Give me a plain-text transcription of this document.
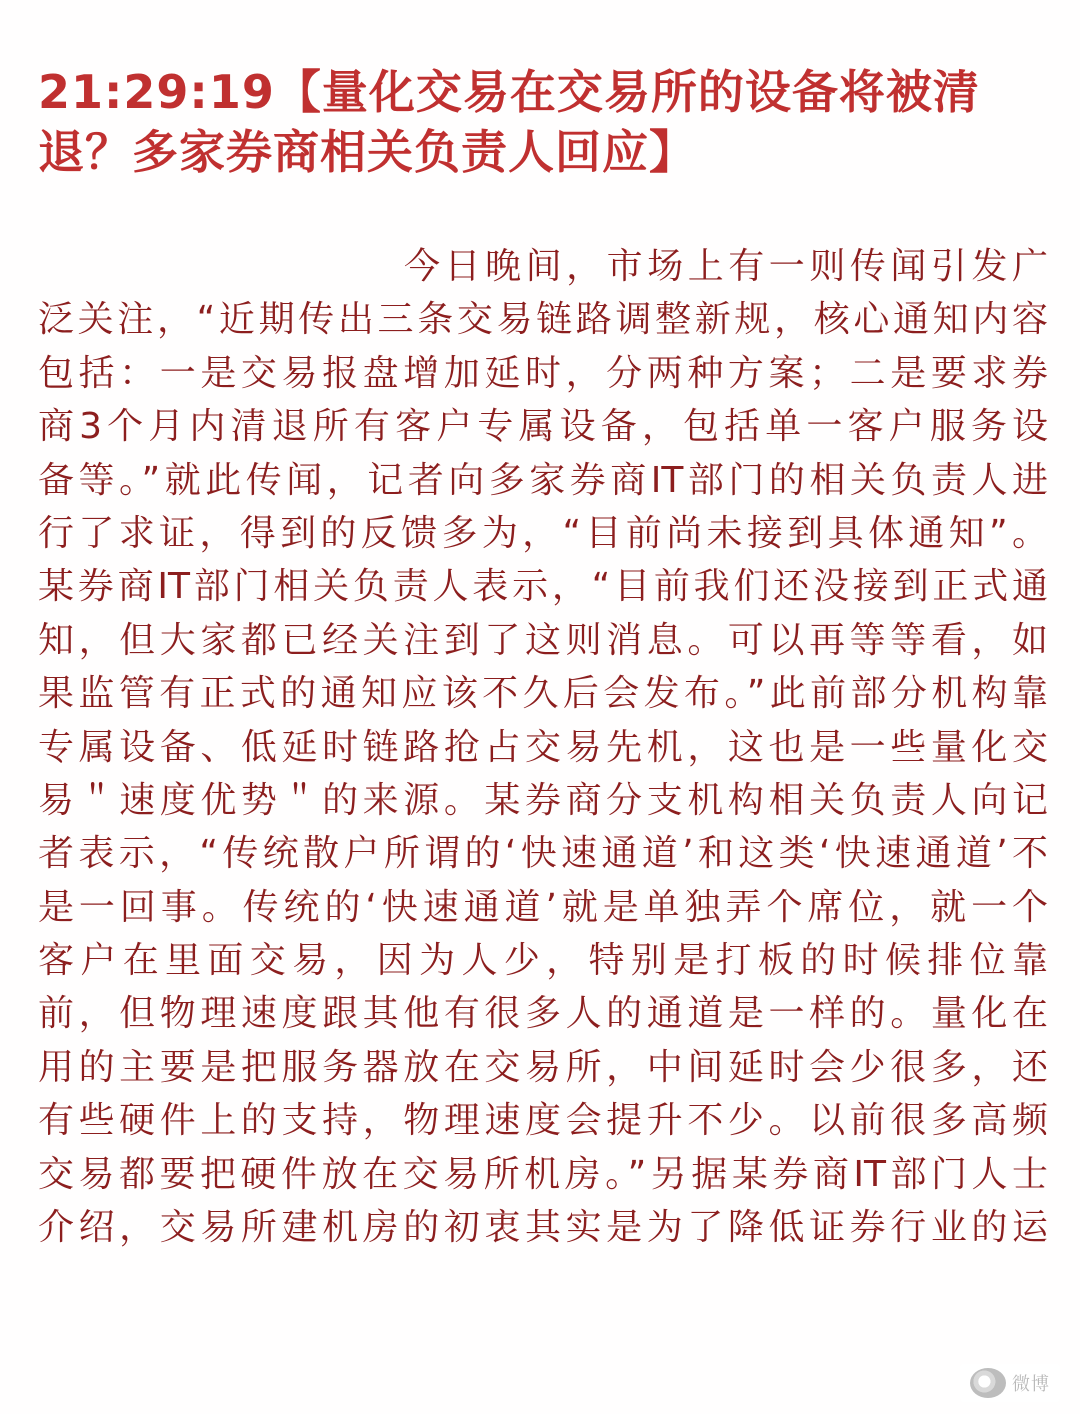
21:29:19【量化交易在交易所的设备将被清
退？多家券商相关负责人回应】
今日晚间，市场上有一则传闻引发广
泛关注，“近期传出三条交易链路调整新规，核心通知内容
包括：一是交易报盘增加延时，分两种方案；二是要求券
商3个月内清退所有客户专属设备，包括单一客户服务设
备等。”就此传闻，记者向多家券商IT部门的相关负责人进
行了求证，得到的反馈多为，“目前尚未接到具体通知”。
某券商IT部门相关负责人表示，“目前我们还没接到正式通
知，但大家都已经关注到了这则消息。可以再等等看，如
果监管有正式的通知应该不久后会发布。”此前部分机构靠
专属设备、低延时链路抢占交易先机，这也是一些量化交
易＂速度优势＂的来源。某券商分支机构相关负责人向记
者表示，“传统散户所谓的‘快速通道’和这类‘快速通道’不
是一回事。传统的‘快速通道’就是单独弄个席位，就一个
客户在里面交易，因为人少，特别是打板的时候排位靠
前，但物理速度跟其他有很多人的通道是一样的。量化在
用的主要是把服务器放在交易所，中间延时会少很多，还
有些硬件上的支持，物理速度会提升不少。以前很多高频
交易都要把硬件放在交易所机房。”另据某券商IT部门人士
介绍，交易所建机房的初衷其实是为了降低证券行业的运
微博
